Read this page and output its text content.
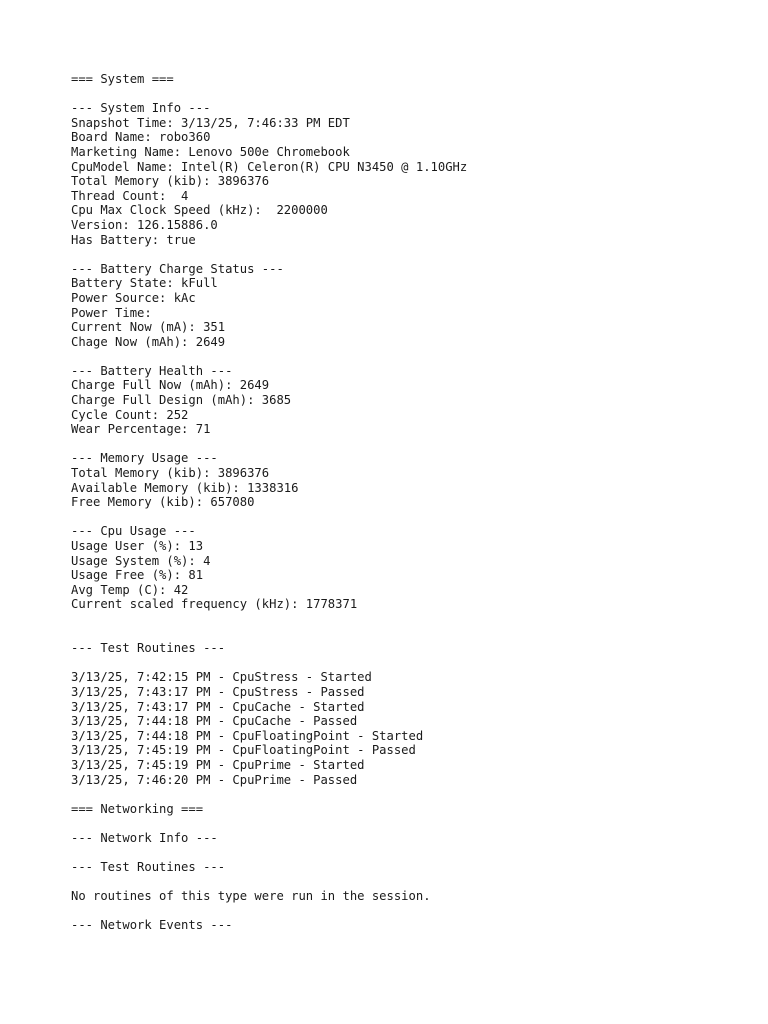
=== System ===
--- System Info ---
Snapshot Time: 3/13/25, 7:46:33 PM EDT
Board Name: robo360
Marketing Name: Lenovo 500e Chromebook
CpuModel Name: Intel(R) Celeron(R) CPU N3450 @ 1.10GHz
Total Memory (kib): 3896376
Thread Count:  4
Cpu Max Clock Speed (kHz):  2200000
Version: 126.15886.0
Has Battery: true
--- Battery Charge Status ---
Battery State: kFull
Power Source: kAc
Power Time:
Current Now (mA): 351
Chage Now (mAh): 2649
--- Battery Health ---
Charge Full Now (mAh): 2649
Charge Full Design (mAh): 3685
Cycle Count: 252
Wear Percentage: 71
--- Memory Usage ---
Total Memory (kib): 3896376
Available Memory (kib): 1338316
Free Memory (kib): 657080
--- Cpu Usage ---
Usage User (%): 13
Usage System (%): 4
Usage Free (%): 81
Avg Temp (C): 42
Current scaled frequency (kHz): 1778371
--- Test Routines ---
3/13/25, 7:42:15 PM - CpuStress - Started
3/13/25, 7:43:17 PM - CpuStress - Passed
3/13/25, 7:43:17 PM - CpuCache - Started
3/13/25, 7:44:18 PM - CpuCache - Passed
3/13/25, 7:44:18 PM - CpuFloatingPoint - Started
3/13/25, 7:45:19 PM - CpuFloatingPoint - Passed
3/13/25, 7:45:19 PM - CpuPrime - Started
3/13/25, 7:46:20 PM - CpuPrime - Passed
=== Networking ===
--- Network Info ---
--- Test Routines ---
No routines of this type were run in the session.
--- Network Events ---
